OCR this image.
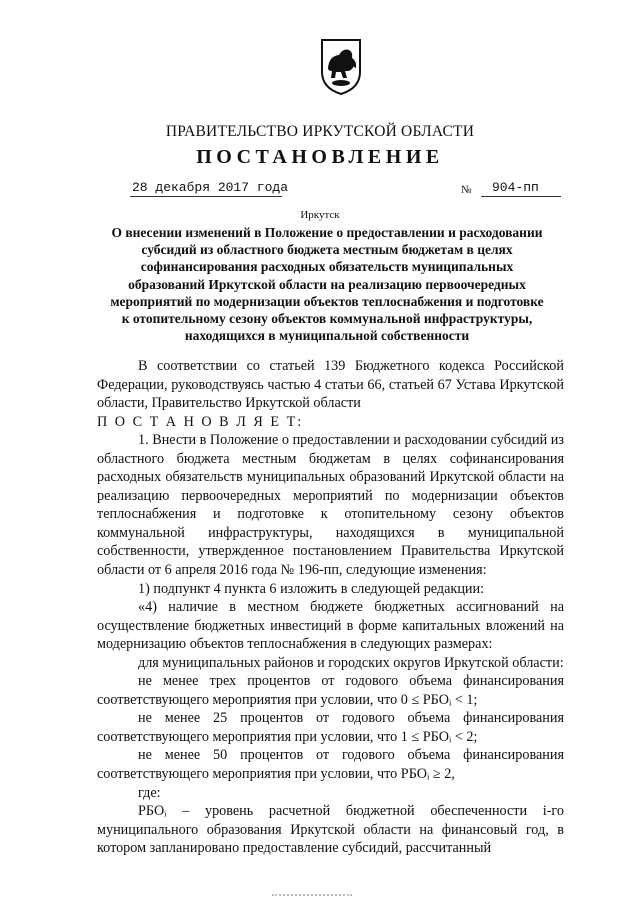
ПРАВИТЕЛЬСТВО ИРКУТСКОЙ ОБЛАСТИ
ПОСТАНОВЛЕНИЕ
28 декабря 2017 года	№ 904-пп
Иркутск
О внесении изменений в Положение о предоставлении и расходовании
субсидий из областного бюджета местным бюджетам в целях
софинансирования расходных обязательств муниципальных
образований Иркутской области на реализацию первоочередных
мероприятий по модернизации объектов теплоснабжения и подготовке
к отопительному сезону объектов коммунальной инфраструктуры,
находящихся в муниципальной собственности

В соответствии со статьей 139 Бюджетного кодекса Российской Федерации, руководствуясь частью 4 статьи 66, статьей 67 Устава Иркутской области, Правительство Иркутской области

П О С Т А Н О В Л Я Е Т:

1. Внести в Положение о предоставлении и расходовании субсидий из областного бюджета местным бюджетам в целях софинансирования расходных обязательств муниципальных образований Иркутской области на реализацию первоочередных мероприятий по модернизации объектов теплоснабжения и подготовке к отопительному сезону объектов коммунальной инфраструктуры, находящихся в муниципальной собственности, утвержденное постановлением Правительства Иркутской области от 6 апреля 2016 года № 196-пп, следующие изменения:

1) подпункт 4 пункта 6 изложить в следующей редакции:

«4) наличие в местном бюджете бюджетных ассигнований на осуществление бюджетных инвестиций в форме капитальных вложений на модернизацию объектов теплоснабжения в следующих размерах:

для муниципальных районов и городских округов Иркутской области:

не менее трех процентов от годового объема финансирования соответствующего мероприятия при условии, что 0 ≤ РБОᵢ < 1;

не менее 25 процентов от годового объема финансирования соответствующего мероприятия при условии, что 1 ≤ РБОᵢ < 2;

не менее 50 процентов от годового объема финансирования соответствующего мероприятия при условии, что РБОᵢ ≥ 2,

где:

РБОᵢ – уровень расчетной бюджетной обеспеченности i-го муниципального образования Иркутской области на финансовый год, в котором запланировано предоставление субсидий, рассчитанный
